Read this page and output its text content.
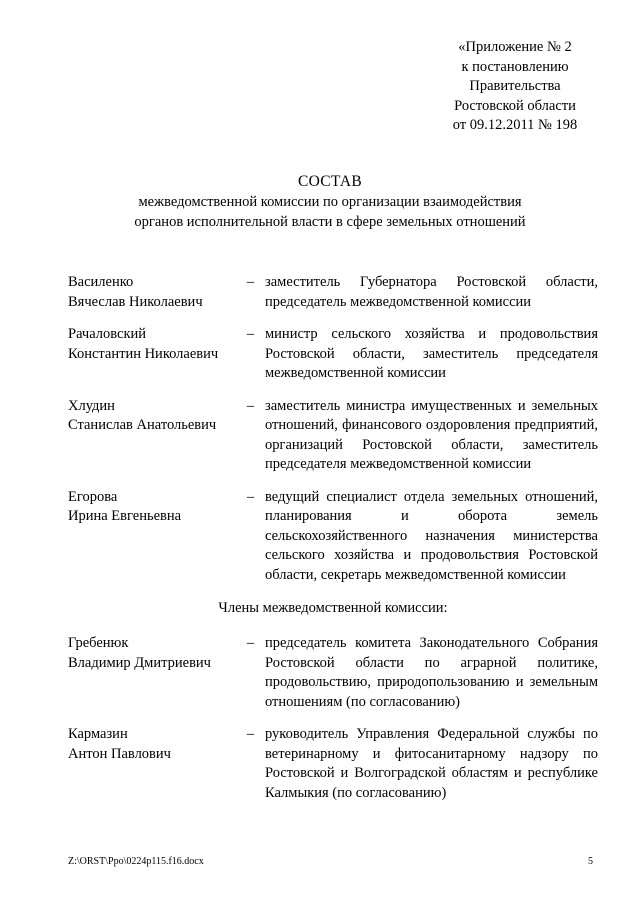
«Приложение № 2
к постановлению
Правительства
Ростовской области
от 09.12.2011 № 198
СОСТАВ
межведомственной комиссии по организации взаимодействия
органов исполнительной власти в сфере земельных отношений
Василенко
Вячеслав Николаевич
– заместитель Губернатора Ростовской области, председатель межведомственной комиссии
Рачаловский
Константин Николаевич
– министр сельского хозяйства и продовольствия Ростовской области, заместитель председателя межведомственной комиссии
Хлудин
Станислав Анатольевич
– заместитель министра имущественных и земельных отношений, финансового оздоровления предприятий, организаций Ростовской области, заместитель председателя межведомственной комиссии
Егорова
Ирина Евгеньевна
– ведущий специалист отдела земельных отношений, планирования и оборота земель сельскохозяйственного назначения министерства сельского хозяйства и продовольствия Ростовской области, секретарь межведомственной комиссии
Члены межведомственной комиссии:
Гребенюк
Владимир Дмитриевич
– председатель комитета Законодательного Собрания Ростовской области по аграрной политике, продовольствию, природопользованию и земельным отношениям (по согласованию)
Кармазин
Антон Павлович
– руководитель Управления Федеральной службы по ветеринарному и фитосанитарному надзору по Ростовской и Волгоградской областям и республике Калмыкия (по согласованию)
Z:\ORST\Ppo\0224p115.f16.docx	5
